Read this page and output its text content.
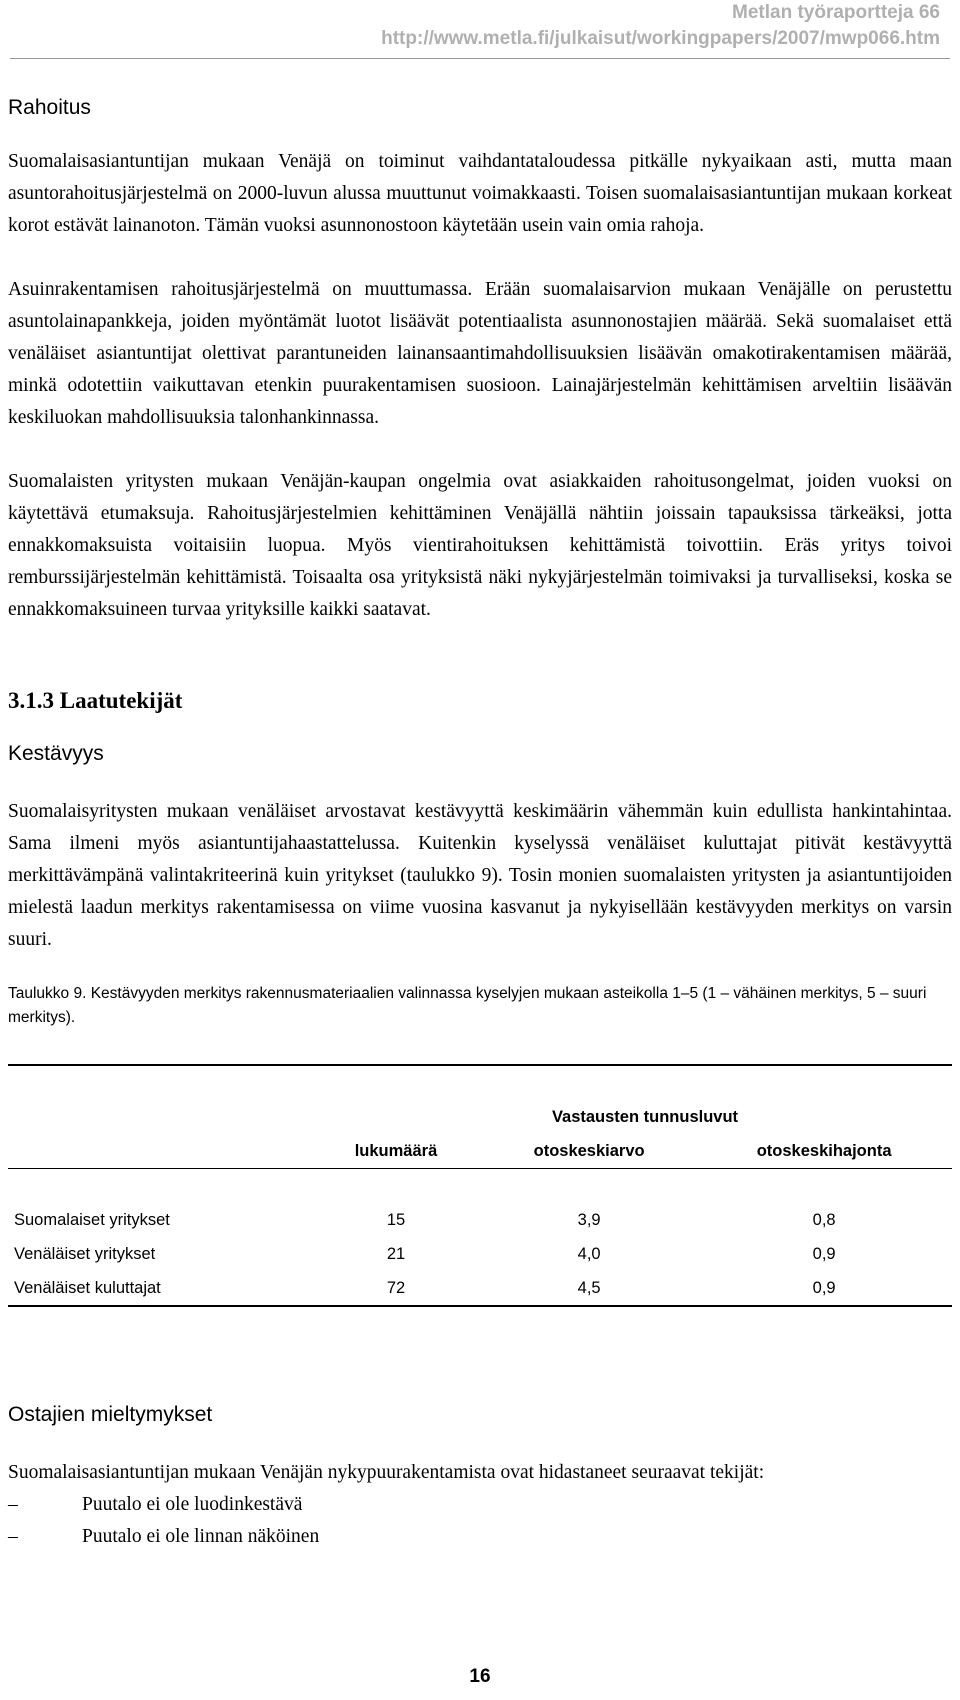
Metlan työraportteja 66
http://www.metla.fi/julkaisut/workingpapers/2007/mwp066.htm
Rahoitus

Suomalaisasiantuntijan mukaan Venäjä on toiminut vaihdantataloudessa pitkälle nykyaikaan asti, mutta maan asuntorahoitusjärjestelmä on 2000-luvun alussa muuttunut voimakkaasti. Toisen suomalaisasiantuntijan mukaan korkeat korot estävät lainanoton. Tämän vuoksi asunnonostoon käytetään usein vain omia rahoja.

Asuinrakentamisen rahoitusjärjestelmä on muuttumassa. Erään suomalaisarvion mukaan Venäjälle on perustettu asuntolainapankkeja, joiden myöntämät luotot lisäävät potentiaalista asunnonostajien määrää. Sekä suomalaiset että venäläiset asiantuntijat olettivat parantuneiden lainansaantimahdollisuuksien lisäävän omakotirakentamisen määrää, minkä odotettiin vaikuttavan etenkin puurakentamisen suosioon. Lainajärjestelmän kehittämisen arveltiin lisäävän keskiluokan mahdollisuuksia talonhankinnassa.

Suomalaisten yritysten mukaan Venäjän-kaupan ongelmia ovat asiakkaiden rahoitusongelmat, joiden vuoksi on käytettävä etumaksuja. Rahoitusjärjestelmien kehittäminen Venäjällä nähtiin joissain tapauksissa tärkeäksi, jotta ennakkomaksuista voitaisiin luopua. Myös vientirahoituksen kehittämistä toivottiin. Eräs yritys toivoi remburssijärjestelmän kehittämistä. Toisaalta osa yrityksistä näki nykyjärjestelmän toimivaksi ja turvalliseksi, koska se ennakkomaksuineen turvaa yrityksille kaikki saatavat.

3.1.3 Laatutekijät
Kestävyys

Suomalaisyritysten mukaan venäläiset arvostavat kestävyyttä keskimäärin vähemmän kuin edullista hankintahintaa. Sama ilmeni myös asiantuntijahaastattelussa. Kuitenkin kyselyssä venäläiset kuluttajat pitivät kestävyyttä merkittävämpänä valintakriteerinä kuin yritykset (taulukko 9). Tosin monien suomalaisten yritysten ja asiantuntijoiden mielestä laadun merkitys rakentamisessa on viime vuosina kasvanut ja nykyisellään kestävyyden merkitys on varsin suuri.

Taulukko 9. Kestävyyden merkitys rakennusmateriaalien valinnassa kyselyjen mukaan asteikolla 1–5 (1 – vähäinen merkitys, 5 – suuri merkitys).

		Vastausten tunnusluvut	
	lukumäärä	otoskeskiarvo	otoskeskihajonta

Suomalaiset yritykset	15	3,9	0,8
Venäläiset yritykset	21	4,0	0,9
Venäläiset kuluttajat	72	4,5	0,9

Ostajien mieltymykset

Suomalaisasiantuntijan mukaan Venäjän nykypuurakentamista ovat hidastaneet seuraavat tekijät:

–	Puutalo ei ole luodinkestävä
–	Puutalo ei ole linnan näköinen
16
